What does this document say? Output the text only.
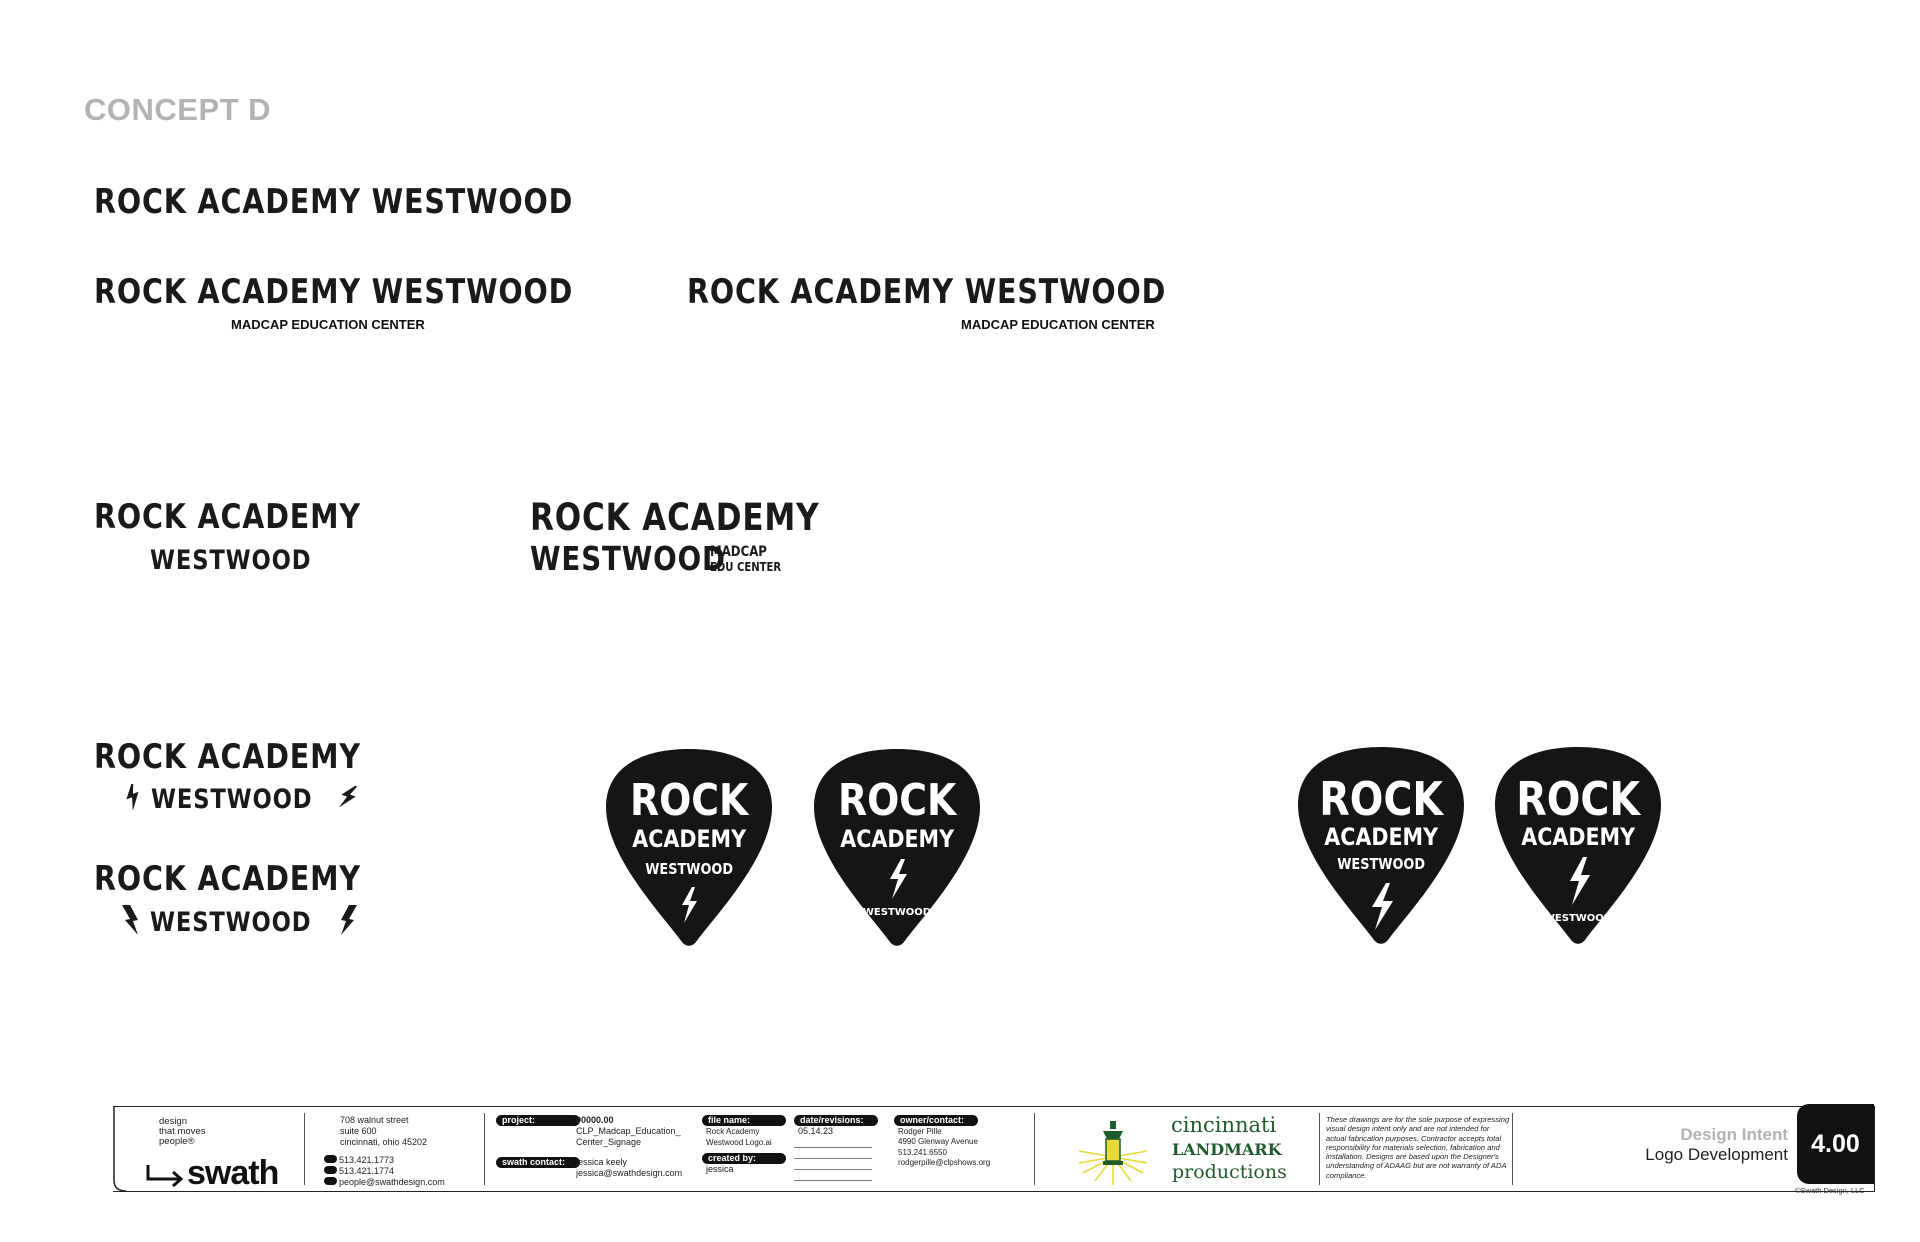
CONCEPT D
ROCK ACADEMY WESTWOOD
ROCK ACADEMY WESTWOOD
MADCAP EDUCATION CENTER
ROCK ACADEMY WESTWOOD
MADCAP EDUCATION CENTER
ROCK ACADEMY
WESTWOOD
ROCK ACADEMY
WESTWOOD
MADCAP
EDU CENTER
ROCK ACADEMY
WESTWOOD
ROCK ACADEMY
WESTWOOD
ROCK
ACADEMY
WESTWOOD
ROCK
ACADEMY
WESTWOOD
ROCK
ACADEMY
WESTWOOD
ROCK
ACADEMY
WESTWOOD
design
that moves
people®
swath
708 walnut street
suite 600
cincinnati, ohio 45202
513.421.1773
513.421.1774
people@swathdesign.com
project:	00000.00
CLP_Madcap_Education_
Center_Signage
swath contact:	jessica keely
jessica@swathdesign.com
file name:
Rock Academy
Westwood Logo.ai
created by:
jessica
date/revisions:
05.14.23
owner/contact:
Rodger Pille
4990 Glenway Avenue
513.241.6550
rodgerpille@clpshows.org
cincinnati
LANDMARK
productions
These drawings are for the sole purpose of expressing visual design intent only and are not intended for actual fabrication purposes. Contractor accepts total responsibility for materials selection, fabrication and installation. Designs are based upon the Designer's understanding of ADAAG but are not warranty of ADA compliance.
Design Intent
Logo Development 4.00
©Swath Design, LLC
